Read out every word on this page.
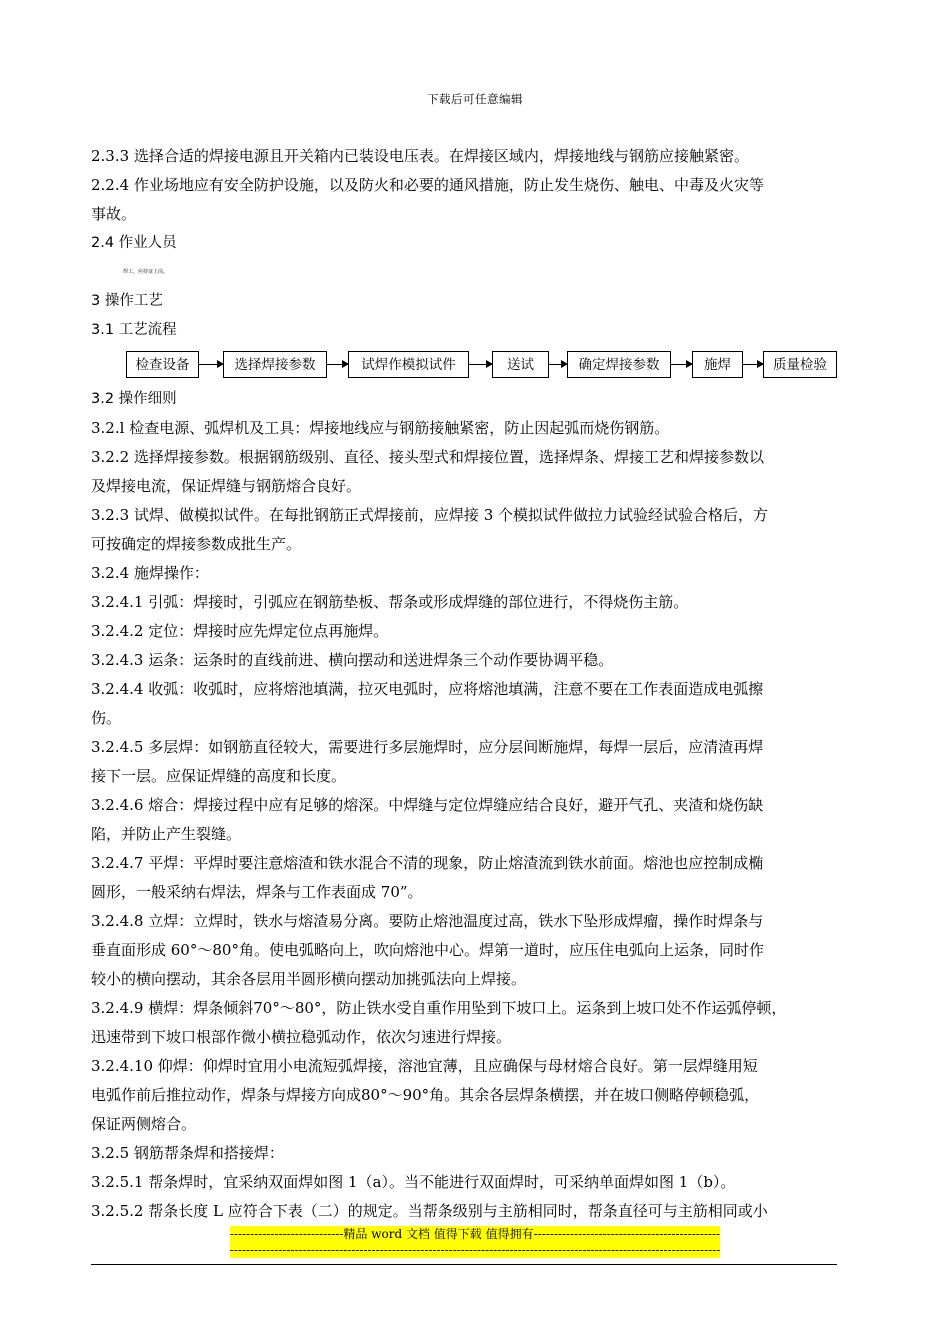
下载后可任意编辑

2.3.3 选择合适的焊接电源且开关箱内已装设电压表。在焊接区域内，焊接地线与钢筋应接触紧密。

2.2.4 作业场地应有安全防护设施，以及防火和必要的通风措施，防止发生烧伤、触电、中毒及火灾等

事故。

2.4 作业人员

焊工，应持证上岗。

3 操作工艺

3.1 工艺流程

检查设备	选择焊接参数	试焊作模拟试件	送试	确定焊接参数	施焊	质量检验

3.2 操作细则

3.2.l 检查电源、弧焊机及工具：焊接地线应与钢筋接触紧密，防止因起弧而烧伤钢筋。

3.2.2 选择焊接参数。根据钢筋级别、直径、接头型式和焊接位置，选择焊条、焊接工艺和焊接参数以

及焊接电流，保证焊缝与钢筋熔合良好。

3.2.3 试焊、做模拟试件。在每批钢筋正式焊接前，应焊接 3 个模拟试件做拉力试验经试验合格后，方

可按确定的焊接参数成批生产。

3.2.4 施焊操作：

3.2.4.1 引弧：焊接时，引弧应在钢筋垫板、帮条或形成焊缝的部位进行，不得烧伤主筋。

3.2.4.2 定位：焊接时应先焊定位点再施焊。

3.2.4.3 运条：运条时的直线前进、横向摆动和送进焊条三个动作要协调平稳。

3.2.4.4 收弧：收弧时，应将熔池填满，拉灭电弧时，应将熔池填满，注意不要在工作表面造成电弧擦

伤。

3.2.4.5 多层焊：如钢筋直径较大，需要进行多层施焊时，应分层间断施焊，每焊一层后，应清渣再焊

接下一层。应保证焊缝的高度和长度。

3.2.4.6 熔合：焊接过程中应有足够的熔深。中焊缝与定位焊缝应结合良好，避开气孔、夹渣和烧伤缺

陷，并防止产生裂缝。

3.2.4.7 平焊：平焊时要注意熔渣和铁水混合不清的现象，防止熔渣流到铁水前面。熔池也应控制成椭

圆形，一般采纳右焊法，焊条与工作表面成 70”。

3.2.4.8 立焊：立焊时，铁水与熔渣易分离。要防止熔池温度过高，铁水下坠形成焊瘤，操作时焊条与

垂直面形成 60°～80°角。使电弧略向上，吹向熔池中心。焊第一道时，应压住电弧向上运条，同时作

较小的横向摆动，其余各层用半圆形横向摆动加挑弧法向上焊接。

3.2.4.9 横焊：焊条倾斜70°～80°，防止铁水受自重作用坠到下坡口上。运条到上坡口处不作运弧停顿，

迅速带到下坡口根部作微小横拉稳弧动作，依次匀速进行焊接。

3.2.4.10 仰焊：仰焊时宜用小电流短弧焊接，溶池宜薄，且应确保与母材熔合良好。第一层焊缝用短

电弧作前后推拉动作，焊条与焊接方向成80°～90°角。其余各层焊条横摆，并在坡口侧略停顿稳弧，

保证两侧熔合。

3.2.5 钢筋帮条焊和搭接焊：

3.2.5.1 帮条焊时，宜采纳双面焊如图 1（a）。当不能进行双面焊时，可采纳单面焊如图 1（b）。

3.2.5.2 帮条长度 L 应符合下表（二）的规定。当帮条级别与主筋相同时，帮条直径可与主筋相同或小

----------------------------精品 word 文档 值得下载 值得拥有----------------------------------------------
-------------------------------------------------------------------------------------------------------------------------
